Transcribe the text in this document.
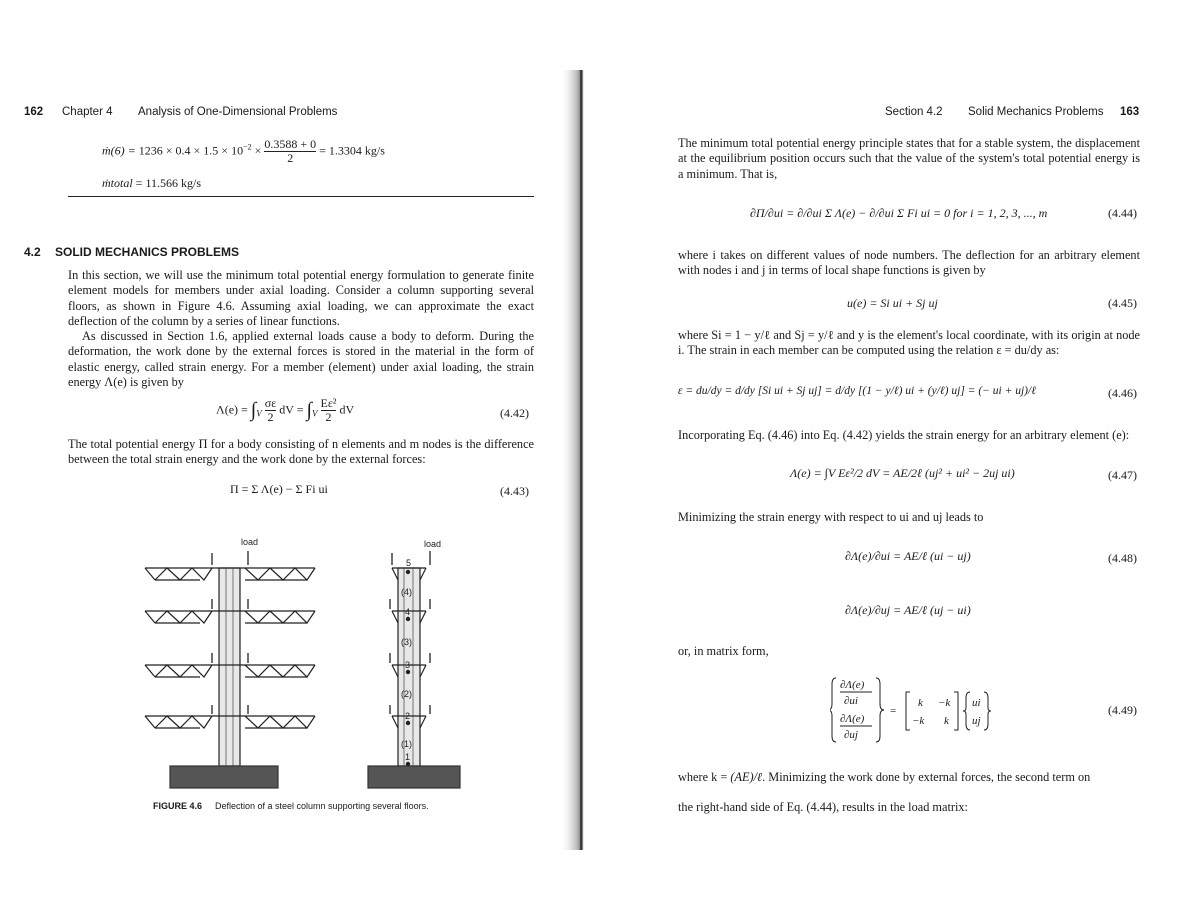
162 Chapter 4 Analysis of One-Dimensional Problems
ṁ(6) = $1236 \times 0.4 \times 1.5 \times 10^{-2} \times \frac{0.3588 + 0}{2} = 1.3304$ kg/s
ṁtotal = 11.566 kg/s
4.2 SOLID MECHANICS PROBLEMS
In this section, we will use the minimum total potential energy formulation to generate finite element models for members under axial loading. Consider a column supporting several floors, as shown in Figure 4.6. Assuming axial loading, we can approximate the exact deflection of the column by a series of linear functions.
As discussed in Section 1.6, applied external loads cause a body to deform. During the deformation, the work done by the external forces is stored in the material in the form of elastic energy, called strain energy. For a member (element) under axial loading, the strain energy Λ(e) is given by
$\Lambda(e) = \int_V \frac{\sigma\varepsilon}{2}$ dV = $\int_V \frac{\text{Eε²}}{2}$ dV	(4.42)
The total potential energy Π for a body consisting of n elements and m nodes is the difference between the total strain energy and the work done by the external forces:
Π = Σ Λ(e) − Σ Fi ui	(4.43)
load	load
5
4
3
2
1
(4)
(3)
(2)
(1)
FIGURE 4.6 Deflection of a steel column supporting several floors.
Section 4.2 Solid Mechanics Problems 163
The minimum total potential energy principle states that for a stable system, the displacement at the equilibrium position occurs such that the value of the system's total potential energy is a minimum. That is,
∂Π/∂ui = ∂/∂ui Σ Λ(e) − ∂/∂ui Σ Fi ui = 0 for i = 1, 2, 3, ..., m	(4.44)
where i takes on different values of node numbers. The deflection for an arbitrary element with nodes i and j in terms of local shape functions is given by
u(e) = Si ui + Sj uj	(4.45)
where Si = 1 − y/ℓ and Sj = y/ℓ and y is the element's local coordinate, with its origin at node i. The strain in each member can be computed using the relation ε = du/dy as:
ε = du/dy = d/dy [Si ui + Sj uj] = d/dy [(1 − y/ℓ) ui + (y/ℓ) uj] = (− ui + uj)/ℓ	(4.46)
Incorporating Eq. (4.46) into Eq. (4.42) yields the strain energy for an arbitrary element (e):
Λ(e) = ∫V Eε²/2 dV = AE/2ℓ (uj² + ui² − 2uj ui)	(4.47)
Minimizing the strain energy with respect to ui and uj leads to
∂Λ(e)/∂ui = AE/ℓ (ui − uj)	(4.48)
∂Λ(e)/∂uj = AE/ℓ (uj − ui)
or, in matrix form,
∂Λ(e)
∂ui
∂Λ(e)
∂uj
=
k −k
−k k
ui
uj
(4.49)
where k = (AE)/ℓ. Minimizing the work done by external forces, the second term on
the right-hand side of Eq. (4.44), results in the load matrix:
